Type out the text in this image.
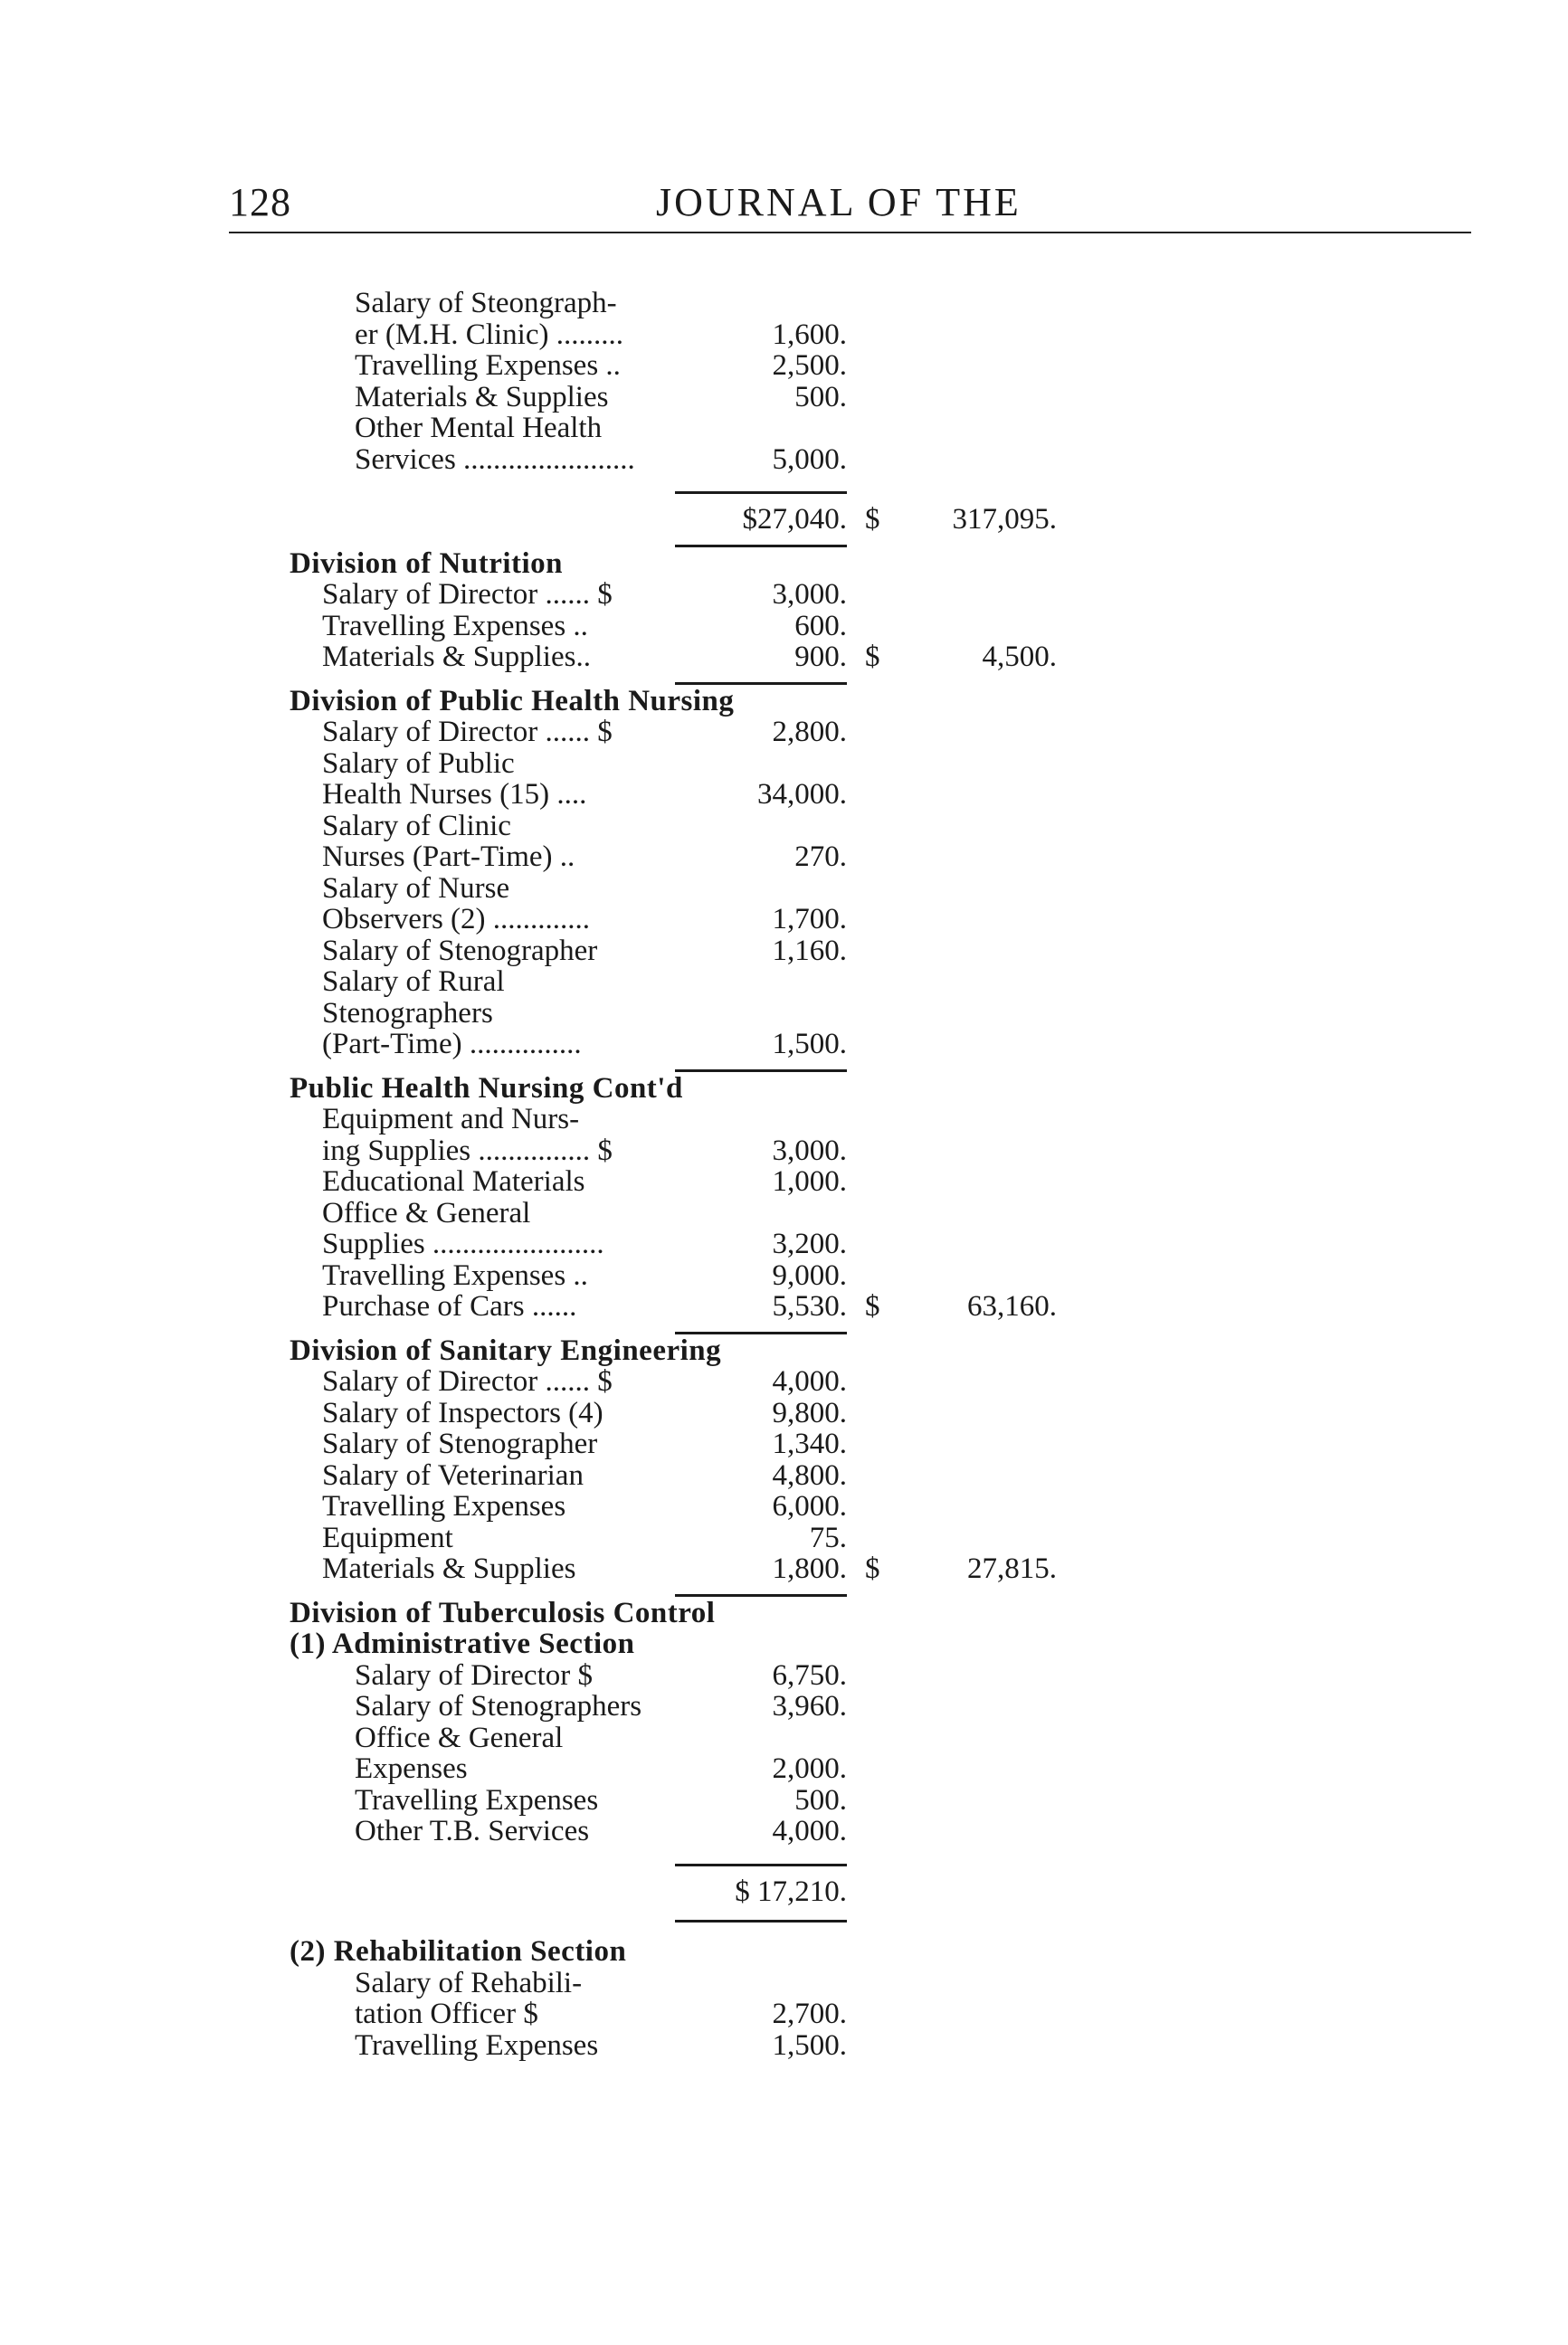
128	JOURNAL OF THE
Salary of Steongraph-
er (M.H. Clinic) .........	1,600.
Travelling Expenses ..	2,500.
Materials & Supplies	500.
Other Mental Health
Services .......................	5,000.
$27,040. $	317,095.
Division of Nutrition
Salary of Director ...... $	3,000.
Travelling Expenses ..	600.
Materials & Supplies..	900. $	4,500.
Division of Public Health Nursing
Salary of Director ...... $	2,800.
Salary of Public
Health Nurses (15) ....	34,000.
Salary of Clinic
Nurses (Part-Time) ..	270.
Salary of Nurse
Observers (2) .............	1,700.
Salary of Stenographer	1,160.
Salary of Rural
Stenographers
(Part-Time) ...............	1,500.
Public Health Nursing Cont'd
Equipment and Nurs-
ing Supplies ............... $	3,000.
Educational Materials	1,000.
Office & General
Supplies .......................	3,200.
Travelling Expenses ..	9,000.
Purchase of Cars ......	5,530. $	63,160.
Division of Sanitary Engineering
Salary of Director ...... $	4,000.
Salary of Inspectors (4)	9,800.
Salary of Stenographer	1,340.
Salary of Veterinarian	4,800.
Travelling Expenses	6,000.
Equipment	75.
Materials & Supplies	1,800. $	27,815.
Division of Tuberculosis Control
(1) Administrative Section
Salary of Director $	6,750.
Salary of Stenographers	3,960.
Office & General
Expenses	2,000.
Travelling Expenses	500.
Other T.B. Services	4,000.
$ 17,210.
(2) Rehabilitation Section
Salary of Rehabili-
tation Officer $	2,700.
Travelling Expenses	1,500.
